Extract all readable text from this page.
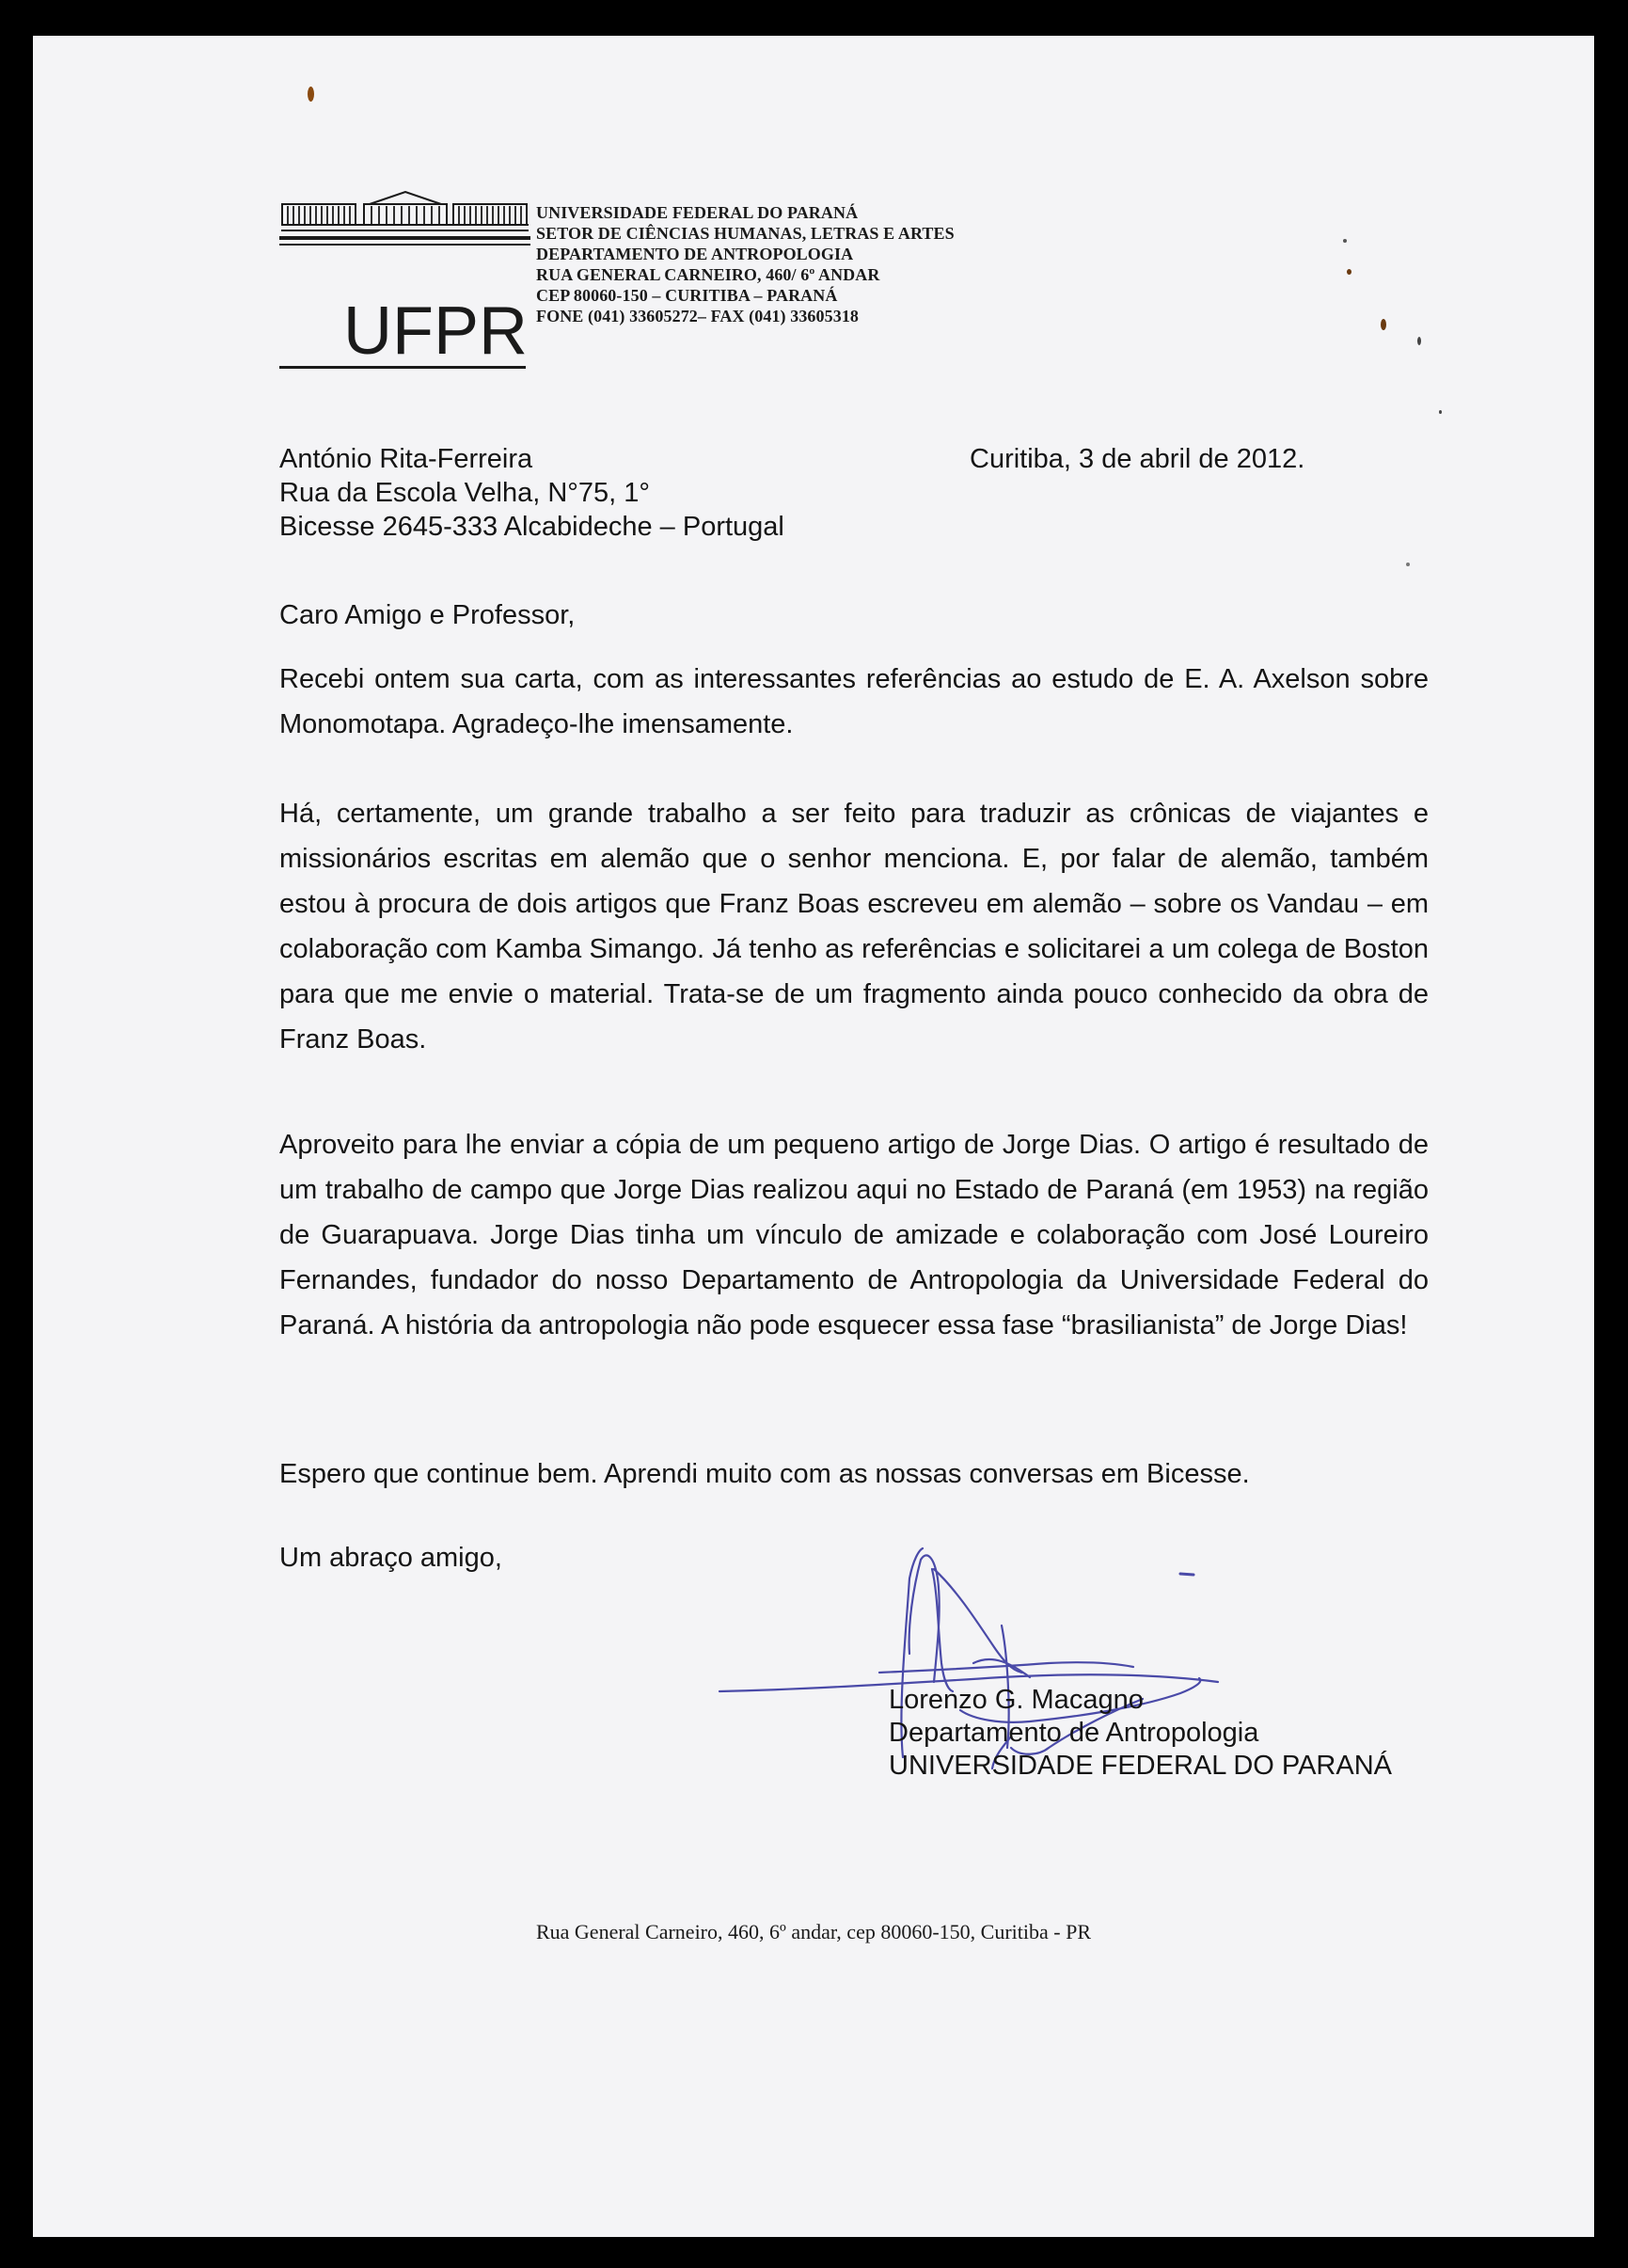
UFPR
UNIVERSIDADE FEDERAL DO PARANÁ
SETOR DE CIÊNCIAS HUMANAS, LETRAS E ARTES
DEPARTAMENTO DE ANTROPOLOGIA
RUA GENERAL CARNEIRO, 460/ 6º ANDAR
CEP 80060-150 – CURITIBA – PARANÁ
FONE (041) 33605272– FAX (041) 33605318
António Rita-Ferreira
Rua da Escola Velha, N°75, 1°
Bicesse 2645-333 Alcabideche – Portugal
Curitiba, 3 de abril de 2012.
Caro Amigo e Professor,
Recebi ontem sua carta, com as interessantes referências ao estudo de E. A. Axelson sobre Monomotapa. Agradeço-lhe imensamente.
Há, certamente, um grande trabalho a ser feito para traduzir as crônicas de viajantes e missionários escritas em alemão que o senhor menciona. E, por falar de alemão, também estou à procura de dois artigos que Franz Boas escreveu em alemão – sobre os Vandau – em colaboração com Kamba Simango. Já tenho as referências e solicitarei a um colega de Boston para que me envie o material. Trata-se de um fragmento ainda pouco conhecido da obra de Franz Boas.
Aproveito para lhe enviar a cópia de um pequeno artigo de Jorge Dias. O artigo é resultado de um trabalho de campo que Jorge Dias realizou aqui no Estado de Paraná (em 1953) na região de Guarapuava. Jorge Dias tinha um vínculo de amizade e colaboração com José Loureiro Fernandes, fundador do nosso Departamento de Antropologia da Universidade Federal do Paraná. A história da antropologia não pode esquecer essa fase “brasilianista” de Jorge Dias!
Espero que continue bem. Aprendi muito com as nossas conversas em Bicesse.
Um abraço amigo,
Lorenzo G. Macagno
Departamento de Antropologia
UNIVERSIDADE FEDERAL DO PARANÁ
Rua General Carneiro, 460, 6º andar, cep 80060-150, Curitiba - PR
